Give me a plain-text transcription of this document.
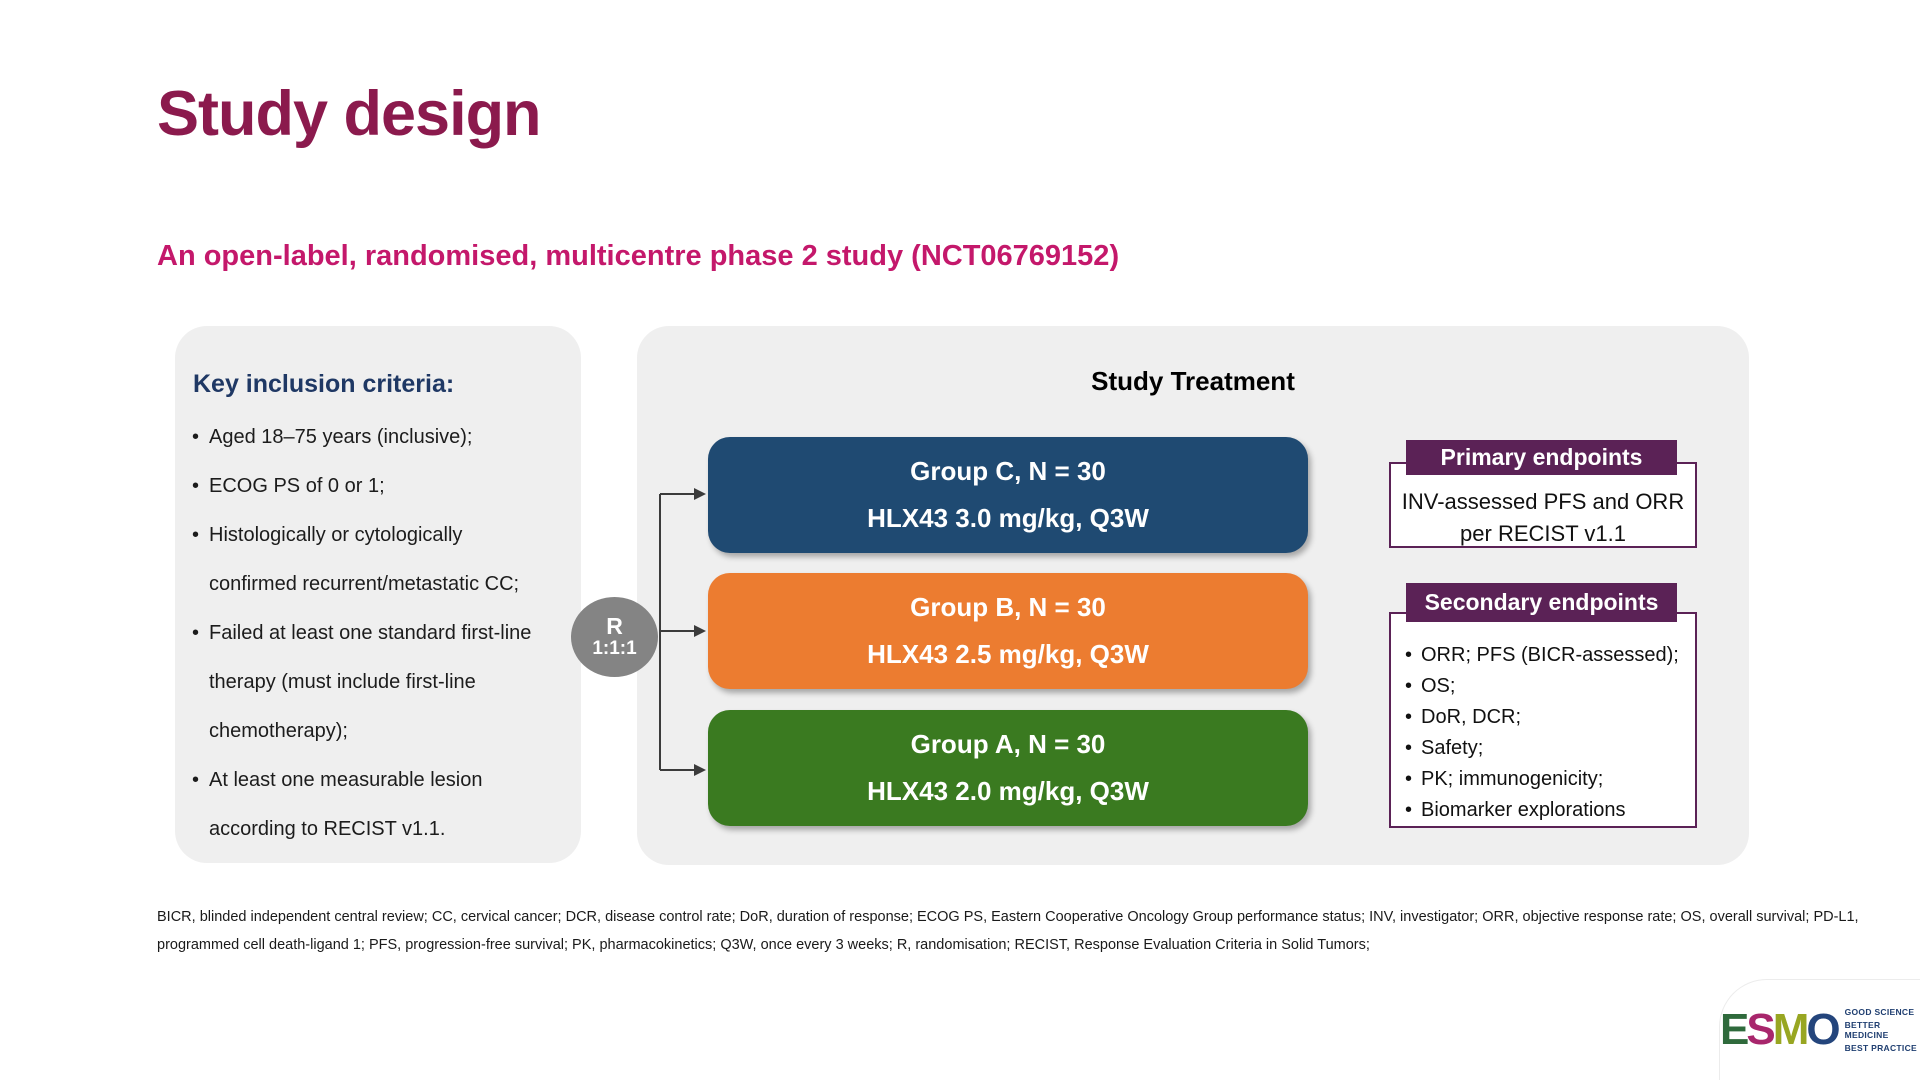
Study design
An open-label, randomised, multicentre phase 2 study (NCT06769152)
Key inclusion criteria:
• Aged 18–75 years (inclusive);
• ECOG PS of 0 or 1;
• Histologically or cytologically confirmed recurrent/metastatic CC;
• Failed at least one standard first-line therapy (must include first-line chemotherapy);
• At least one measurable lesion according to RECIST v1.1.
R
1:1:1
Study Treatment
Group C, N = 30
HLX43 3.0 mg/kg, Q3W
Group B, N = 30
HLX43 2.5 mg/kg, Q3W
Group A, N = 30
HLX43 2.0 mg/kg, Q3W
Primary endpoints
INV-assessed PFS and ORR per RECIST v1.1
Secondary endpoints
• ORR; PFS (BICR-assessed);
• OS;
• DoR, DCR;
• Safety;
• PK; immunogenicity;
• Biomarker explorations
BICR, blinded independent central review; CC, cervical cancer; DCR, disease control rate; DoR, duration of response; ECOG PS, Eastern Cooperative Oncology Group performance status; INV, investigator; ORR, objective response rate; OS, overall survival; PD-L1,
programmed cell death-ligand 1; PFS, progression-free survival; PK, pharmacokinetics; Q3W, once every 3 weeks; R, randomisation; RECIST, Response Evaluation Criteria in Solid Tumors;
ESMO GOOD SCIENCE
BETTER MEDICINE
BEST PRACTICE
